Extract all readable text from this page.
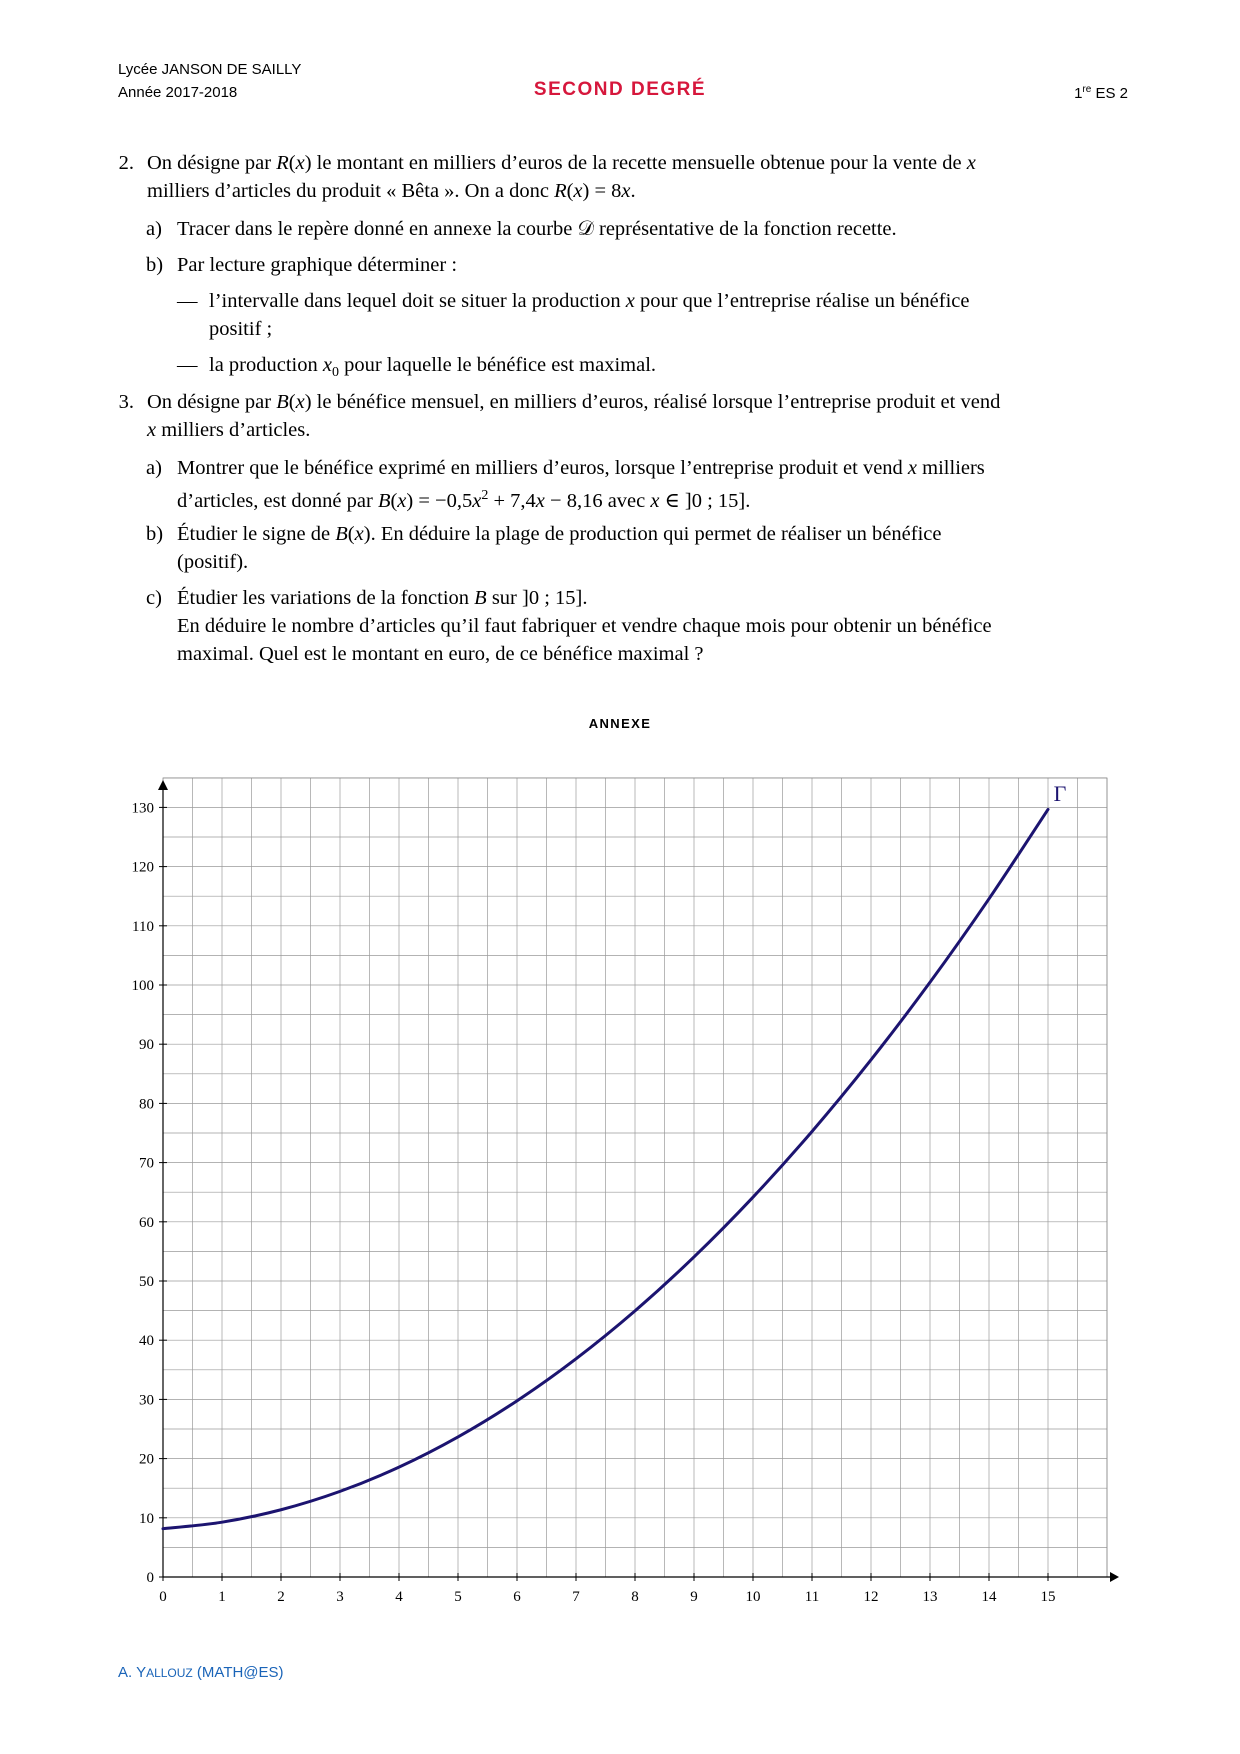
Lycée JANSON DE SAILLY
Année 2017-2018	SECOND DEGRÉ	1re ES 2
2. On désigne par R(x) le montant en milliers d’euros de la recette mensuelle obtenue pour la vente de x
milliers d’articles du produit « Bêta ». On a donc R(x) = 8x.
a) Tracer dans le repère donné en annexe la courbe 𝒟 représentative de la fonction recette.
b) Par lecture graphique déterminer :
— l’intervalle dans lequel doit se situer la production x pour que l’entreprise réalise un bénéfice
positif ;
— la production $x_0$ pour laquelle le bénéfice est maximal.
3. On désigne par B(x) le bénéfice mensuel, en milliers d’euros, réalisé lorsque l’entreprise produit et vend
x milliers d’articles.
a) Montrer que le bénéfice exprimé en milliers d’euros, lorsque l’entreprise produit et vend x milliers
d’articles, est donné par $B(x) = -0,5x^2 + 7,4x - 8,16$ avec x ∈ ]0 ; 15].
b) Étudier le signe de B(x). En déduire la plage de production qui permet de réaliser un bénéfice
(positif).
c) Étudier les variations de la fonction B sur ]0 ; 15].
En déduire le nombre d’articles qu’il faut fabriquer et vendre chaque mois pour obtenir un bénéfice
maximal. Quel est le montant en euro, de ce bénéfice maximal ?
ANNEXE
0	1	2	3	4	5	6	7	8	9	10	11	12	13	14	15
0
10
20
30
40
50
60
70
80
90
100
110
120
130
Γ
A. YALLOUZ (MATH@ES)
